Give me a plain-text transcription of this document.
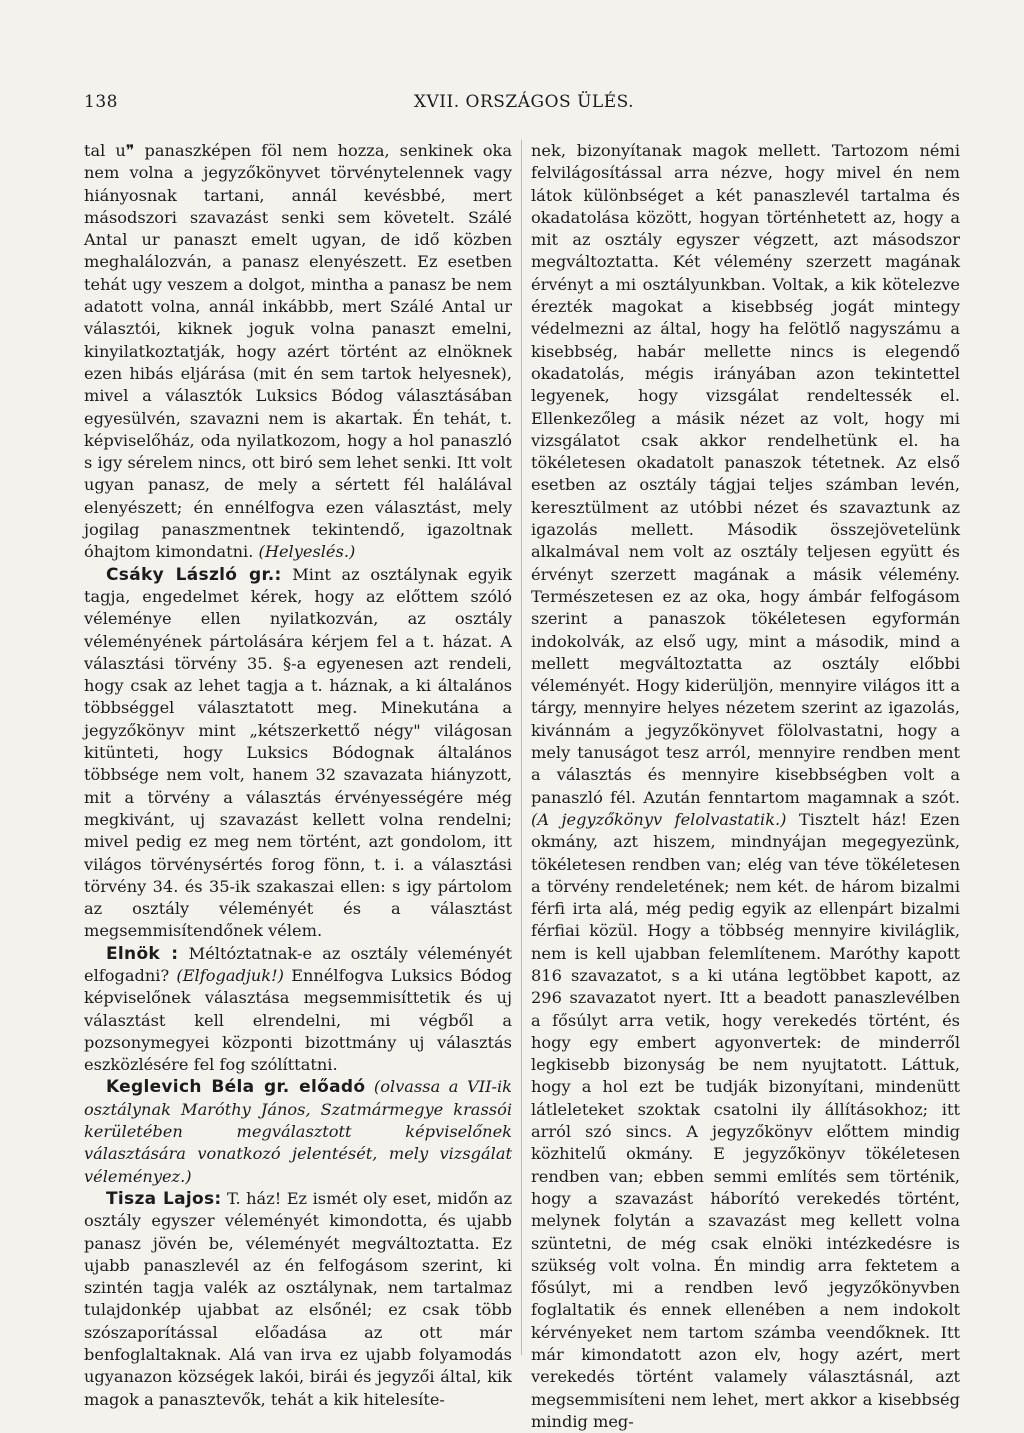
138	XVII. ORSZÁGOS ÜLÉS.

tal u❞ panaszképen föl nem hozza, senkinek oka nem volna a jegyzőkönyvet törvénytelennek vagy hiányosnak tartani, annál kevésbbé, mert másodszori szavazást senki sem követelt. Szálé Antal ur panaszt emelt ugyan, de idő közben meghalálozván, a panasz elenyészett. Ez esetben tehát ugy veszem a dolgot, mintha a panasz be nem adatott volna, annál inkábbb, mert Szálé Antal ur választói, kiknek joguk volna panaszt emelni, kinyilatkoztatják, hogy azért történt az elnöknek ezen hibás eljárása (mit én sem tartok helyesnek), mivel a választók Luksics Bódog választásában egyesülvén, szavazni nem is akartak. Én tehát, t. képviselőház, oda nyilatkozom, hogy a hol panaszló s igy sérelem nincs, ott biró sem lehet senki. Itt volt ugyan panasz, de mely a sértett fél halálával elenyészett; én ennélfogva ezen választást, mely jogilag panaszmentnek tekintendő, igazoltnak óhajtom kimondatni. (Helyeslés.)

Csáky László gr.: Mint az osztálynak egyik tagja, engedelmet kérek, hogy az előttem szóló véleménye ellen nyilatkozván, az osztály véleményének pártolására kérjem fel a t. házat. A választási törvény 35. §-a egyenesen azt rendeli, hogy csak az lehet tagja a t. háznak, a ki általános többséggel választatott meg. Minekutána a jegyzőkönyv mint „kétszerkettő négy" világosan kitünteti, hogy Luksics Bódognak általános többsége nem volt, hanem 32 szavazata hiányzott, mit a törvény a választás érvényességére még megkivánt, uj szavazást kellett volna rendelni; mivel pedig ez meg nem történt, azt gondolom, itt világos törvénysértés forog fönn, t. i. a választási törvény 34. és 35-ik szakaszai ellen: s igy pártolom az osztály véleményét és a választást megsemmisítendőnek vélem.

Elnök : Méltóztatnak-e az osztály véleményét elfogadni? (Elfogadjuk!) Ennélfogva Luksics Bódog képviselőnek választása megsemmisíttetik és uj választást kell elrendelni, mi végből a pozsonymegyei központi bizottmány uj választás eszközlésére fel fog szólíttatni.

Keglevich Béla gr. előadó (olvassa a VII-ik osztálynak Maróthy János, Szatmármegye krassói kerületében megválasztott képviselőnek választására vonatkozó jelentését, mely vizsgálat véleményez.)

Tisza Lajos: T. ház! Ez ismét oly eset, midőn az osztály egyszer véleményét kimondotta, és ujabb panasz jövén be, véleményét megváltoztatta. Ez ujabb panaszlevél az én felfogásom szerint, ki szintén tagja valék az osztálynak, nem tartalmaz tulajdonkép ujabbat az elsőnél; ez csak több szószaporítással előadása az ott már benfoglaltaknak. Alá van irva ez ujabb folyamodás ugyanazon községek lakói, birái és jegyzői által, kik magok a panasztevők, tehát a kik hitelesíte-

nek, bizonyítanak magok mellett. Tartozom némi felvilágosítással arra nézve, hogy mivel én nem látok különbséget a két panaszlevél tartalma és okadatolása között, hogyan történhetett az, hogy a mit az osztály egyszer végzett, azt másodszor megváltoztatta. Két vélemény szerzett magának érvényt a mi osztályunkban. Voltak, a kik kötelezve érezték magokat a kisebbség jogát mintegy védelmezni az által, hogy ha felötlő nagyszámu a kisebbség, habár mellette nincs is elegendő okadatolás, mégis irányában azon tekintettel legyenek, hogy vizsgálat rendeltessék el. Ellenkezőleg a másik nézet az volt, hogy mi vizsgálatot csak akkor rendelhetünk el. ha tökéletesen okadatolt panaszok tétetnek. Az első esetben az osztály tágjai teljes számban levén, keresztülment az utóbbi nézet és szavaztunk az igazolás mellett. Második összejövetelünk alkalmával nem volt az osztály teljesen együtt és érvényt szerzett magának a másik vélemény. Természetesen ez az oka, hogy ámbár felfogásom szerint a panaszok tökéletesen egyformán indokolvák, az első ugy, mint a második, mind a mellett megváltoztatta az osztály előbbi véleményét. Hogy kiderüljön, mennyire világos itt a tárgy, mennyire helyes nézetem szerint az igazolás, kivánnám a jegyzőkönyvet fölolvastatni, hogy a mely tanuságot tesz arról, mennyire rendben ment a választás és mennyire kisebbségben volt a panaszló fél. Azután fenntartom magamnak a szót. (A jegyzőkönyv felolvastatik.) Tisztelt ház! Ezen okmány, azt hiszem, mindnyájan megegyezünk, tökéletesen rendben van; elég van téve tökéletesen a törvény rendeletének; nem két. de három bizalmi férfi irta alá, még pedig egyik az ellenpárt bizalmi férfiai közül. Hogy a többség mennyire kiviláglik, nem is kell ujabban felemlítenem. Maróthy kapott 816 szavazatot, s a ki utána legtöbbet kapott, az 296 szavazatot nyert. Itt a beadott panaszlevélben a fősúlyt arra vetik, hogy verekedés történt, és hogy egy embert agyonvertek: de minderről legkisebb bizonyság be nem nyujtatott. Láttuk, hogy a hol ezt be tudják bizonyítani, mindenütt látleleteket szoktak csatolni ily állításokhoz; itt arról szó sincs. A jegyzőkönyv előttem mindig közhitelű okmány. E jegyzőkönyv tökéletesen rendben van; ebben semmi említés sem történik, hogy a szavazást háborító verekedés történt, melynek folytán a szavazást meg kellett volna szüntetni, de még csak elnöki intézkedésre is szükség volt volna. Én mindig arra fektetem a fősúlyt, mi a rendben levő jegyzőkönyvben foglaltatik és ennek ellenében a nem indokolt kérvényeket nem tartom számba veendőknek. Itt már kimondatott azon elv, hogy azért, mert verekedés történt valamely választásnál, azt megsemmisíteni nem lehet, mert akkor a kisebbség mindig meg-
